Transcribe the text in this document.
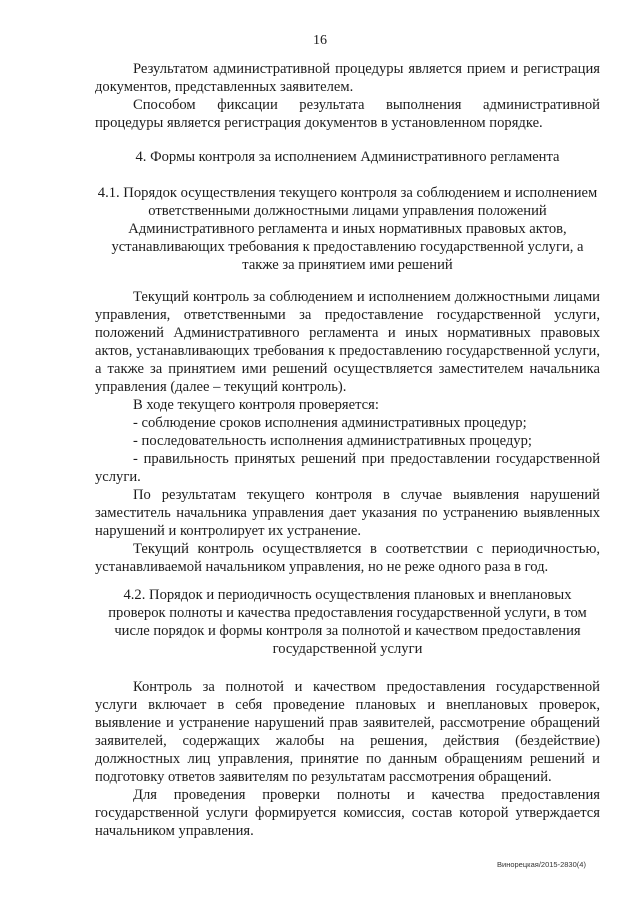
16

Результатом административной процедуры является прием и регистрация документов, представленных заявителем.

Способом фиксации результата выполнения административной процедуры является регистрация документов в установленном порядке.

4. Формы контроля за исполнением Административного регламента

4.1. Порядок осуществления текущего контроля за соблюдением и исполнением ответственными должностными лицами управления положений Административного регламента и иных нормативных правовых актов, устанавливающих требования к предоставлению государственной услуги, а также за принятием ими решений

Текущий контроль за соблюдением и исполнением должностными лицами управления, ответственными за предоставление государственной услуги, положений Административного регламента и иных нормативных правовых актов, устанавливающих требования к предоставлению государственной услуги, а также за принятием ими решений осуществляется заместителем начальника управления (далее – текущий контроль).

В ходе текущего контроля проверяется:

- соблюдение сроков исполнения административных процедур;

- последовательность исполнения административных процедур;

- правильность принятых решений при предоставлении государственной услуги.

По результатам текущего контроля в случае выявления нарушений заместитель начальника управления дает указания по устранению выявленных нарушений и контролирует их устранение.

Текущий контроль осуществляется в соответствии с периодичностью, устанавливаемой начальником управления, но не реже одного раза в год.

4.2. Порядок и периодичность осуществления плановых и внеплановых проверок полноты и качества предоставления государственной услуги, в том числе порядок и формы контроля за полнотой и качеством предоставления государственной услуги

Контроль за полнотой и качеством предоставления государственной услуги включает в себя проведение плановых и внеплановых проверок, выявление и устранение нарушений прав заявителей, рассмотрение обращений заявителей, содержащих жалобы на решения, действия (бездействие) должностных лиц управления, принятие по данным обращениям решений и подготовку ответов заявителям по результатам рассмотрения обращений.

Для проведения проверки полноты и качества предоставления государственной услуги формируется комиссия, состав которой утверждается начальником управления.

Винорецкая/2015-2830(4)
